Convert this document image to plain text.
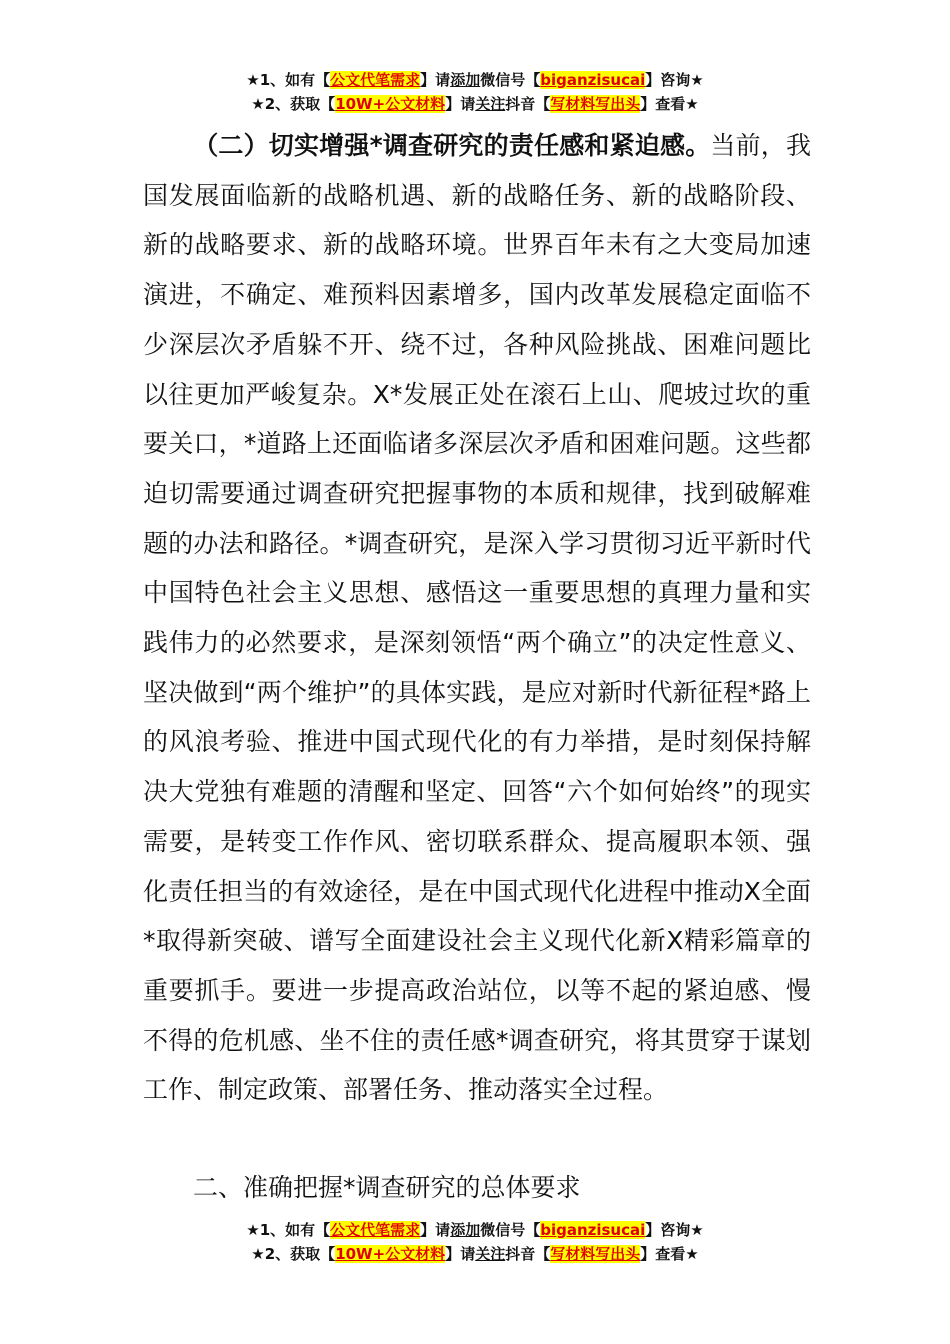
★1、如有【公文代笔需求】请添加微信号【biganzisucai】咨询★
★2、获取【10W+公文材料】请关注抖音【写材料写出头】查看★
（二）切实增强*调查研究的责任感和紧迫感。当前，我国发展面临新的战略机遇、新的战略任务、新的战略阶段、新的战略要求、新的战略环境。世界百年未有之大变局加速演进，不确定、难预料因素增多，国内改革发展稳定面临不少深层次矛盾躲不开、绕不过，各种风险挑战、困难问题比以往更加严峻复杂。X*发展正处在滚石上山、爬坡过坎的重要关口，*道路上还面临诸多深层次矛盾和困难问题。这些都迫切需要通过调查研究把握事物的本质和规律，找到破解难题的办法和路径。*调查研究，是深入学习贯彻习近平新时代中国特色社会主义思想、感悟这一重要思想的真理力量和实践伟力的必然要求，是深刻领悟“两个确立”的决定性意义、坚决做到“两个维护”的具体实践，是应对新时代新征程*路上的风浪考验、推进中国式现代化的有力举措，是时刻保持解决大党独有难题的清醒和坚定、回答“六个如何始终”的现实需要，是转变工作作风、密切联系群众、提高履职本领、强化责任担当的有效途径，是在中国式现代化进程中推动X全面*取得新突破、谱写全面建设社会主义现代化新X精彩篇章的重要抓手。要进一步提高政治站位，以等不起的紧迫感、慢不得的危机感、坐不住的责任感*调查研究，将其贯穿于谋划工作、制定政策、部署任务、推动落实全过程。
二、准确把握*调查研究的总体要求
★1、如有【公文代笔需求】请添加微信号【biganzisucai】咨询★
★2、获取【10W+公文材料】请关注抖音【写材料写出头】查看★
